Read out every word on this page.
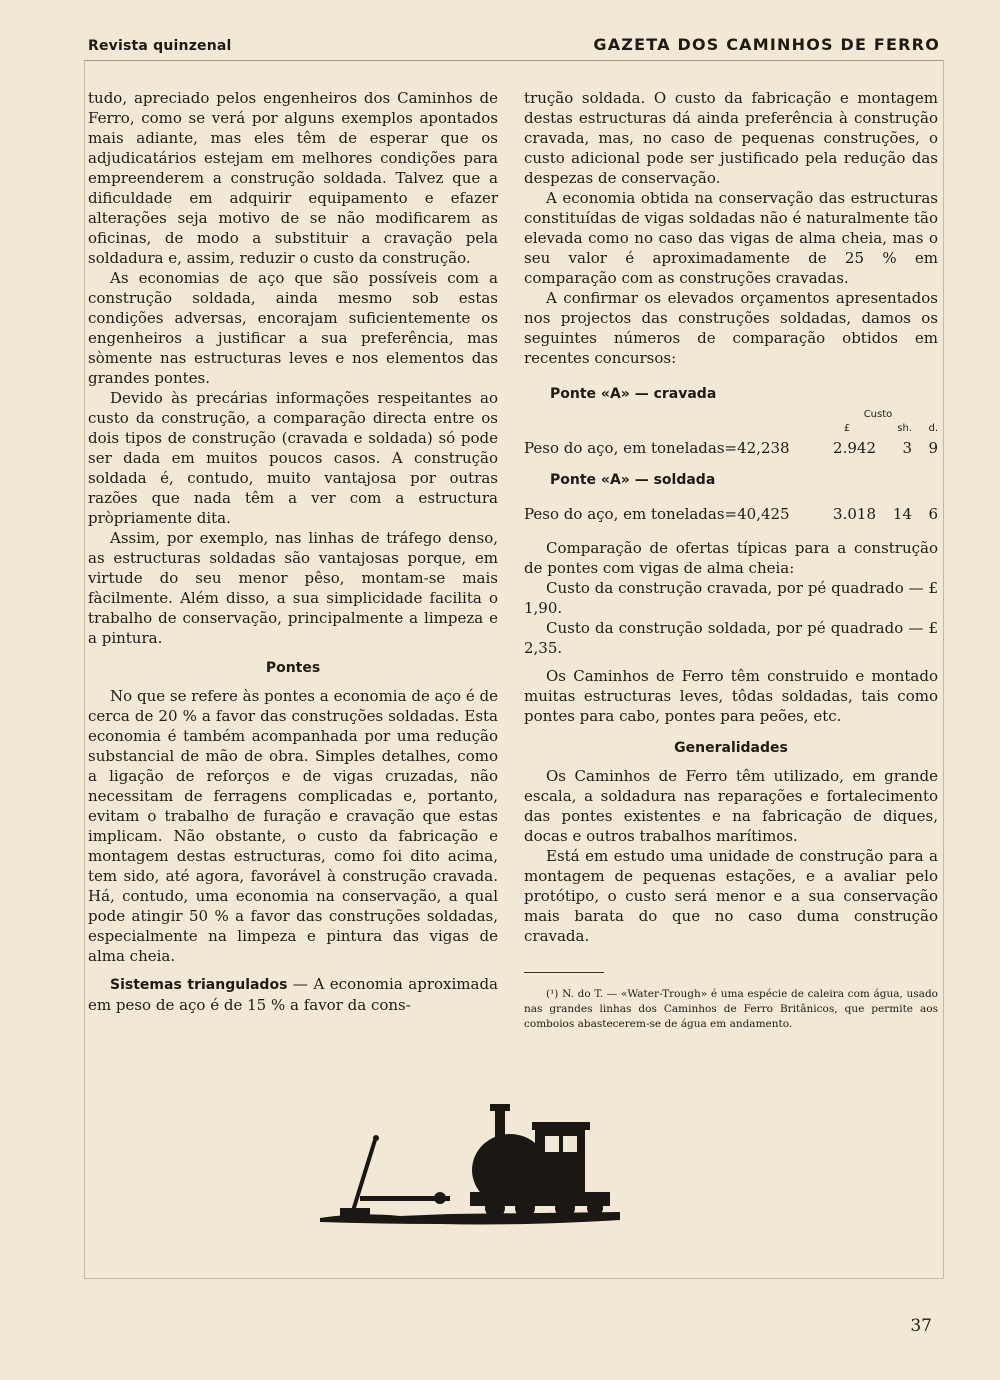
Revista quinzenal	GAZETA DOS CAMINHOS DE FERRO

tudo, apreciado pelos engenheiros dos Caminhos de Ferro, como se verá por alguns exemplos apontados mais adiante, mas eles têm de esperar que os adjudicatários estejam em melhores condições para empreenderem a construção soldada. Talvez que a dificuldade em adquirir equipamento e efazer alterações seja motivo de se não modificarem as oficinas, de modo a substituir a cravação pela soldadura e, assim, reduzir o custo da construção.

As economias de aço que são possíveis com a construção soldada, ainda mesmo sob estas condições adversas, encorajam suficientemente os engenheiros a justificar a sua preferência, mas sòmente nas estructuras leves e nos elementos das grandes pontes.

Devido às precárias informações respeitantes ao custo da construção, a comparação directa entre os dois tipos de construção (cravada e soldada) só pode ser dada em muitos poucos casos. A construção soldada é, contudo, muito vantajosa por outras razões que nada têm a ver com a estructura pròpriamente dita.

Assim, por exemplo, nas linhas de tráfego denso, as estructuras soldadas são vantajosas porque, em virtude do seu menor pêso, montam-se mais fàcilmente. Além disso, a sua simplicidade facilita o trabalho de conservação, principalmente a limpeza e a pintura.

Pontes

No que se refere às pontes a economia de aço é de cerca de 20 % a favor das construções soldadas. Esta economia é também acompanhada por uma redução substancial de mão de obra. Simples detalhes, como a ligação de reforços e de vigas cruzadas, não necessitam de ferragens complicadas e, portanto, evitam o trabalho de furação e cravação que estas implicam. Não obstante, o custo da fabricação e montagem destas estructuras, como foi dito acima, tem sido, até agora, favorável à construção cravada. Há, contudo, uma economia na conservação, a qual pode atingir 50 % a favor das construções soldadas, especialmente na limpeza e pintura das vigas de alma cheia.

Sistemas triangulados — A economia aproximada em peso de aço é de 15 % a favor da cons-

trução soldada. O custo da fabricação e montagem destas estructuras dá ainda preferência à construção cravada, mas, no caso de pequenas construções, o custo adicional pode ser justificado pela redução das despezas de conservação.

A economia obtida na conservação das estructuras constituídas de vigas soldadas não é naturalmente tão elevada como no caso das vigas de alma cheia, mas o seu valor é aproximadamente de 25 % em comparação com as construções cravadas.

A confirmar os elevados orçamentos apresentados nos projectos das construções soldadas, damos os seguintes números de comparação obtidos em recentes concursos:

Ponte «A» — cravada
Custo
£	sh.	d.
Peso do aço, em toneladas=42,238	2.942	3	9
Ponte «A» — soldada
Peso do aço, em toneladas=40,425	3.018	14	6

Comparação de ofertas típicas para a construção de pontes com vigas de alma cheia:

Custo da construção cravada, por pé quadrado — £ 1,90.

Custo da construção soldada, por pé quadrado — £ 2,35.

Os Caminhos de Ferro têm construido e montado muitas estructuras leves, tôdas soldadas, tais como pontes para cabo, pontes para peões, etc.

Generalidades

Os Caminhos de Ferro têm utilizado, em grande escala, a soldadura nas reparações e fortalecimento das pontes existentes e na fabricação de diques, docas e outros trabalhos marítimos.

Está em estudo uma unidade de construção para a montagem de pequenas estações, e a avaliar pelo protótipo, o custo será menor e a sua conservação mais barata do que no caso duma construção cravada.

(¹) N. do T. — «Water-Trough» é uma espécie de caleira com água, usado nas grandes linhas dos Caminhos de Ferro Britânicos, que permite aos comboios abastecerem-se de água em andamento.

37
